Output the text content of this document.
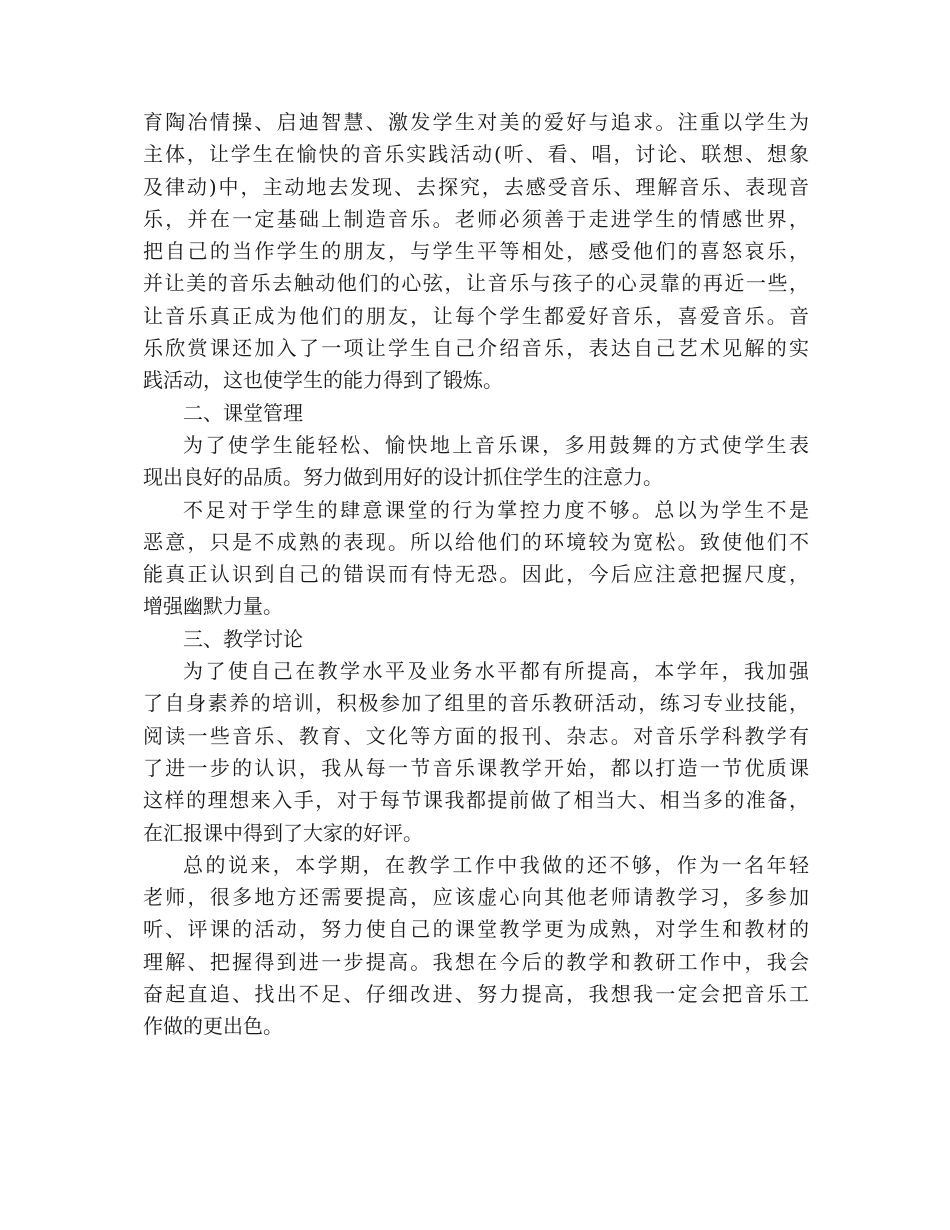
育陶冶情操、启迪智慧、激发学生对美的爱好与追求。注重以学生为
主体，让学生在愉快的音乐实践活动(听、看、唱，讨论、联想、想象
及律动)中，主动地去发现、去探究，去感受音乐、理解音乐、表现音
乐，并在一定基础上制造音乐。老师必须善于走进学生的情感世界，
把自己的当作学生的朋友，与学生平等相处，感受他们的喜怒哀乐，
并让美的音乐去触动他们的心弦，让音乐与孩子的心灵靠的再近一些，
让音乐真正成为他们的朋友，让每个学生都爱好音乐，喜爱音乐。音
乐欣赏课还加入了一项让学生自己介绍音乐，表达自己艺术见解的实
践活动，这也使学生的能力得到了锻炼。
二、课堂管理
为了使学生能轻松、愉快地上音乐课，多用鼓舞的方式使学生表
现出良好的品质。努力做到用好的设计抓住学生的注意力。
不足对于学生的肆意课堂的行为掌控力度不够。总以为学生不是
恶意，只是不成熟的表现。所以给他们的环境较为宽松。致使他们不
能真正认识到自己的错误而有恃无恐。因此，今后应注意把握尺度，
增强幽默力量。
三、教学讨论
为了使自己在教学水平及业务水平都有所提高，本学年，我加强
了自身素养的培训，积极参加了组里的音乐教研活动，练习专业技能，
阅读一些音乐、教育、文化等方面的报刊、杂志。对音乐学科教学有
了进一步的认识，我从每一节音乐课教学开始，都以打造一节优质课
这样的理想来入手，对于每节课我都提前做了相当大、相当多的准备，
在汇报课中得到了大家的好评。
总的说来，本学期，在教学工作中我做的还不够，作为一名年轻
老师，很多地方还需要提高，应该虚心向其他老师请教学习，多参加
听、评课的活动，努力使自己的课堂教学更为成熟，对学生和教材的
理解、把握得到进一步提高。我想在今后的教学和教研工作中，我会
奋起直追、找出不足、仔细改进、努力提高，我想我一定会把音乐工
作做的更出色。
